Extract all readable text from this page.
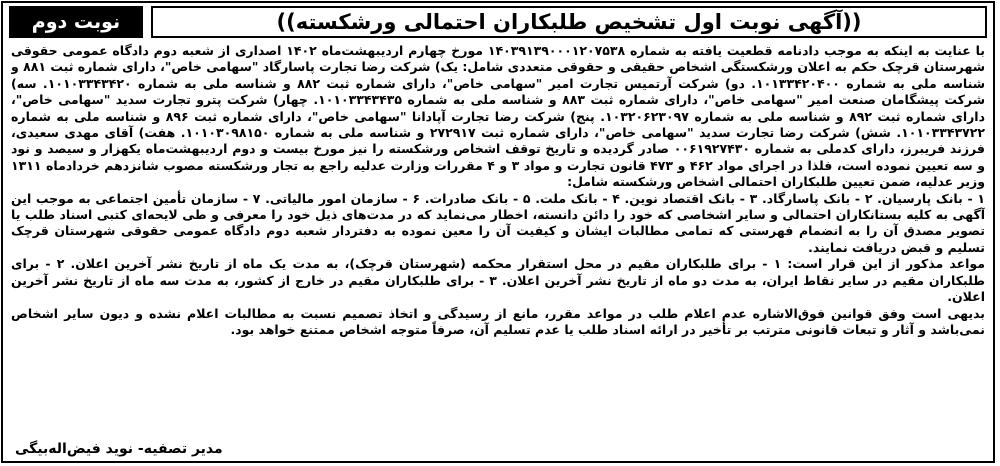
((آگهی نوبت اول تشخیص طلبکاران احتمالی ورشکسته))
نوبت دوم

با عنایت به اینکه به موجب دادنامه قطعیت یافته به شماره ۱۴۰۳۹۱۳۹۰۰۰۱۲۰۷۵۳۸ مورخ چهارم اردیبهشت‌ماه ۱۴۰۲ اصداری از شعبه دوم دادگاه عمومی حقوقی شهرستان قرچک حکم به اعلان ورشکستگی اشخاص حقیقی و حقوقی متعددی شامل: یک) شرکت رضا تجارت پاسارگاد "سهامی خاص"، دارای شماره ثبت ۸۸۱ و شناسه ملی به شماره ۱۰۱۳۳۴۲۰۴۰۰. دو) شرکت آرتمیس تجارت امیر "سهامی خاص"، دارای شماره ثبت ۸۸۲ و شناسه ملی به شماره ۱۰۱۰۳۳۴۳۴۲۰. سه) شرکت پیشگامان صنعت امیر "سهامی خاص"، دارای شماره ثبت ۸۸۳ و شناسه ملی به شماره ۱۰۱۰۳۳۴۳۴۳۵. چهار) شرکت پترو تجارت سدید "سهامی خاص"، دارای شماره ثبت ۸۹۲ و شناسه ملی به شماره ۱۰۳۲۰۶۲۳۰۹۷. پنج) شرکت رضا تجارت آپادانا "سهامی خاص"، دارای شماره ثبت ۸۹۶ و شناسه ملی به شماره ۱۰۱۰۳۳۴۳۷۲۲. شش) شرکت رضا تجارت سدید "سهامی خاص"، دارای شماره ثبت ۲۷۲۹۱۷ و شناسه ملی به شماره ۱۰۱۰۳۰۹۸۱۵۰. هفت) آقای مهدی سعیدی، فرزند فریبرز، دارای کدملی به شماره ۰۰۶۱۹۲۷۴۳۰ صادر گردیده و تاریخ توقف اشخاص ورشکسته را نیز مورخ بیست و دوم اردیبهشت‌ماه یکهزار و سیصد و نود و سه تعیین نموده است، فلذا در اجرای مواد ۴۶۲ و ۴۷۳ قانون تجارت و مواد ۳ و ۴ مقررات وزارت عدلیه راجع به تجار ورشکسته مصوب شانزدهم خردادماه ۱۳۱۱ وزیر عدلیه، ضمن تعیین طلبکاران احتمالی اشخاص ورشکسته شامل:

۱ - بانک پارسیان. ۲ - بانک پاسارگاد. ۳ - بانک اقتصاد نوین. ۴ - بانک ملت. ۵ - بانک صادرات. ۶ - سازمان امور مالیاتی. ۷ - سازمان تأمین اجتماعی به موجب این آگهی به کلیه بستانکاران احتمالی و سایر اشخاصی که خود را دائن دانسته، اخطار می‌نماید که در مدت‌های ذیل خود را معرفی و طی لایحه‌ای کتبی اسناد طلب یا تصویر مصدق آن را به انضمام فهرستی که تمامی مطالبات ایشان و کیفیت آن را معین نموده به دفتردار شعبه دوم دادگاه عمومی حقوقی شهرستان قرچک تسلیم و قبض دریافت نمایند.

مواعد مذکور از این قرار است: ۱ - برای طلبکاران مقیم در محل استقرار محکمه (شهرستان قرچک)، به مدت یک ماه از تاریخ نشر آخرین اعلان. ۲ - برای طلبکاران مقیم در سایر نقاط ایران، به مدت دو ماه از تاریخ نشر آخرین اعلان. ۳ - برای طلبکاران مقیم در خارج از کشور، به مدت سه ماه از تاریخ نشر آخرین اعلان.

بدیهی است وفق قوانین فوق‌الاشاره عدم اعلام طلب در مواعد مقرر، مانع از رسیدگی و اتخاذ تصمیم نسبت به مطالبات اعلام نشده و دیون سایر اشخاص نمی‌باشد و آثار و تبعات قانونی مترتب بر تأخیر در ارائه اسناد طلب یا عدم تسلیم آن، صرفاً متوجه اشخاص ممتنع خواهد بود.

مدیر تصفیه- نوید فیض‌اله‌بیگی
